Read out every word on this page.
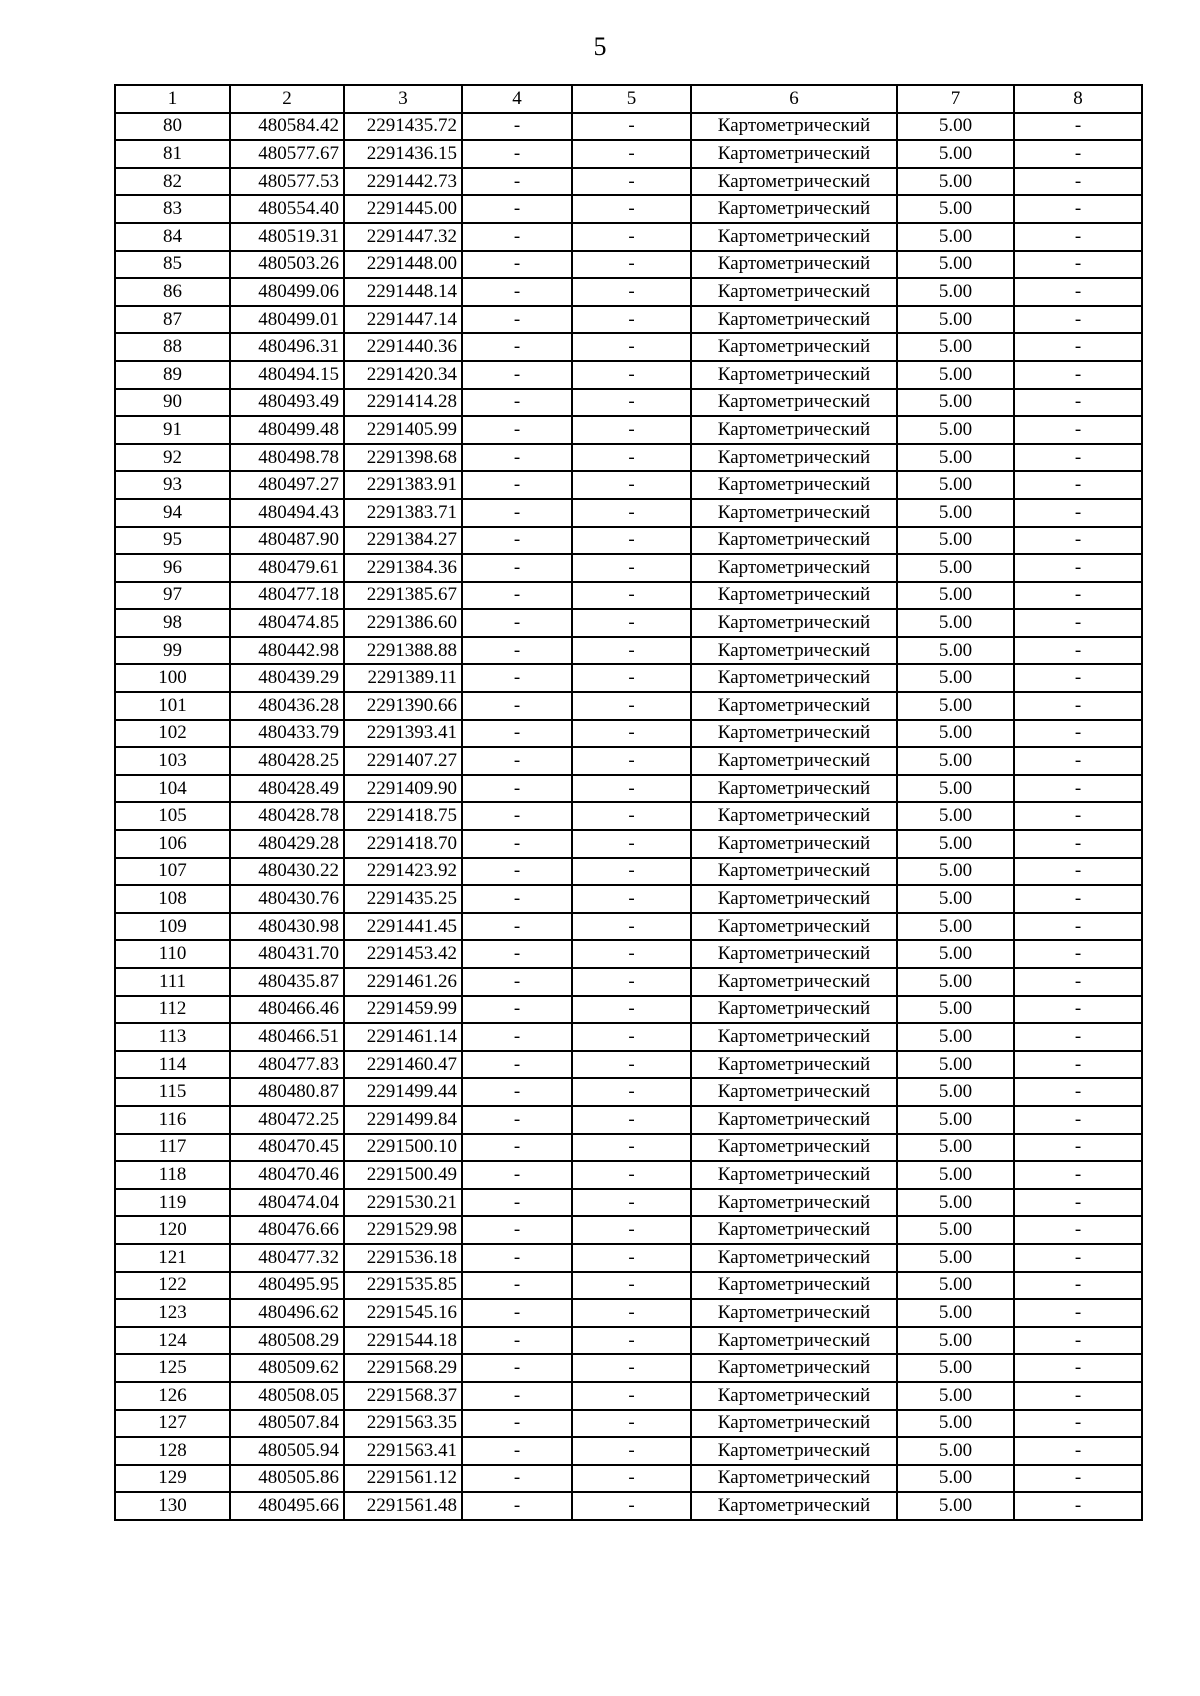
5
1	2	3	4	5	6	7	8
80	480584.42	2291435.72	-	-	Картометрический	5.00	-
81	480577.67	2291436.15	-	-	Картометрический	5.00	-
82	480577.53	2291442.73	-	-	Картометрический	5.00	-
83	480554.40	2291445.00	-	-	Картометрический	5.00	-
84	480519.31	2291447.32	-	-	Картометрический	5.00	-
85	480503.26	2291448.00	-	-	Картометрический	5.00	-
86	480499.06	2291448.14	-	-	Картометрический	5.00	-
87	480499.01	2291447.14	-	-	Картометрический	5.00	-
88	480496.31	2291440.36	-	-	Картометрический	5.00	-
89	480494.15	2291420.34	-	-	Картометрический	5.00	-
90	480493.49	2291414.28	-	-	Картометрический	5.00	-
91	480499.48	2291405.99	-	-	Картометрический	5.00	-
92	480498.78	2291398.68	-	-	Картометрический	5.00	-
93	480497.27	2291383.91	-	-	Картометрический	5.00	-
94	480494.43	2291383.71	-	-	Картометрический	5.00	-
95	480487.90	2291384.27	-	-	Картометрический	5.00	-
96	480479.61	2291384.36	-	-	Картометрический	5.00	-
97	480477.18	2291385.67	-	-	Картометрический	5.00	-
98	480474.85	2291386.60	-	-	Картометрический	5.00	-
99	480442.98	2291388.88	-	-	Картометрический	5.00	-
100	480439.29	2291389.11	-	-	Картометрический	5.00	-
101	480436.28	2291390.66	-	-	Картометрический	5.00	-
102	480433.79	2291393.41	-	-	Картометрический	5.00	-
103	480428.25	2291407.27	-	-	Картометрический	5.00	-
104	480428.49	2291409.90	-	-	Картометрический	5.00	-
105	480428.78	2291418.75	-	-	Картометрический	5.00	-
106	480429.28	2291418.70	-	-	Картометрический	5.00	-
107	480430.22	2291423.92	-	-	Картометрический	5.00	-
108	480430.76	2291435.25	-	-	Картометрический	5.00	-
109	480430.98	2291441.45	-	-	Картометрический	5.00	-
110	480431.70	2291453.42	-	-	Картометрический	5.00	-
111	480435.87	2291461.26	-	-	Картометрический	5.00	-
112	480466.46	2291459.99	-	-	Картометрический	5.00	-
113	480466.51	2291461.14	-	-	Картометрический	5.00	-
114	480477.83	2291460.47	-	-	Картометрический	5.00	-
115	480480.87	2291499.44	-	-	Картометрический	5.00	-
116	480472.25	2291499.84	-	-	Картометрический	5.00	-
117	480470.45	2291500.10	-	-	Картометрический	5.00	-
118	480470.46	2291500.49	-	-	Картометрический	5.00	-
119	480474.04	2291530.21	-	-	Картометрический	5.00	-
120	480476.66	2291529.98	-	-	Картометрический	5.00	-
121	480477.32	2291536.18	-	-	Картометрический	5.00	-
122	480495.95	2291535.85	-	-	Картометрический	5.00	-
123	480496.62	2291545.16	-	-	Картометрический	5.00	-
124	480508.29	2291544.18	-	-	Картометрический	5.00	-
125	480509.62	2291568.29	-	-	Картометрический	5.00	-
126	480508.05	2291568.37	-	-	Картометрический	5.00	-
127	480507.84	2291563.35	-	-	Картометрический	5.00	-
128	480505.94	2291563.41	-	-	Картометрический	5.00	-
129	480505.86	2291561.12	-	-	Картометрический	5.00	-
130	480495.66	2291561.48	-	-	Картометрический	5.00	-
